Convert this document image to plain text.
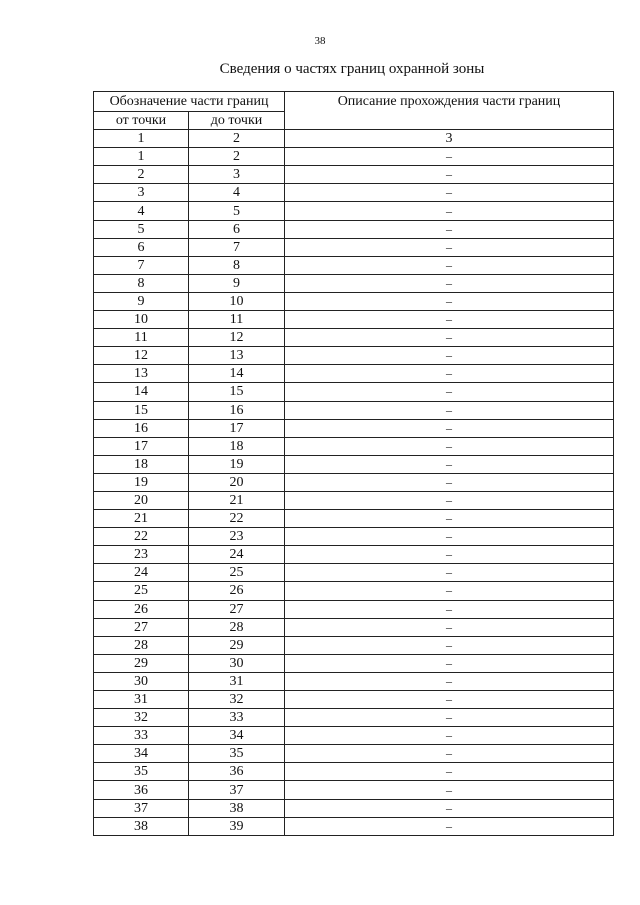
38
Сведения о частях границ охранной зоны
Обозначение части границ		Описание прохождения части границ
от точки	до точки	
1	2	3
1	2	–
2	3	–
3	4	–
4	5	–
5	6	–
6	7	–
7	8	–
8	9	–
9	10	–
10	11	–
11	12	–
12	13	–
13	14	–
14	15	–
15	16	–
16	17	–
17	18	–
18	19	–
19	20	–
20	21	–
21	22	–
22	23	–
23	24	–
24	25	–
25	26	–
26	27	–
27	28	–
28	29	–
29	30	–
30	31	–
31	32	–
32	33	–
33	34	–
34	35	–
35	36	–
36	37	–
37	38	–
38	39	–
